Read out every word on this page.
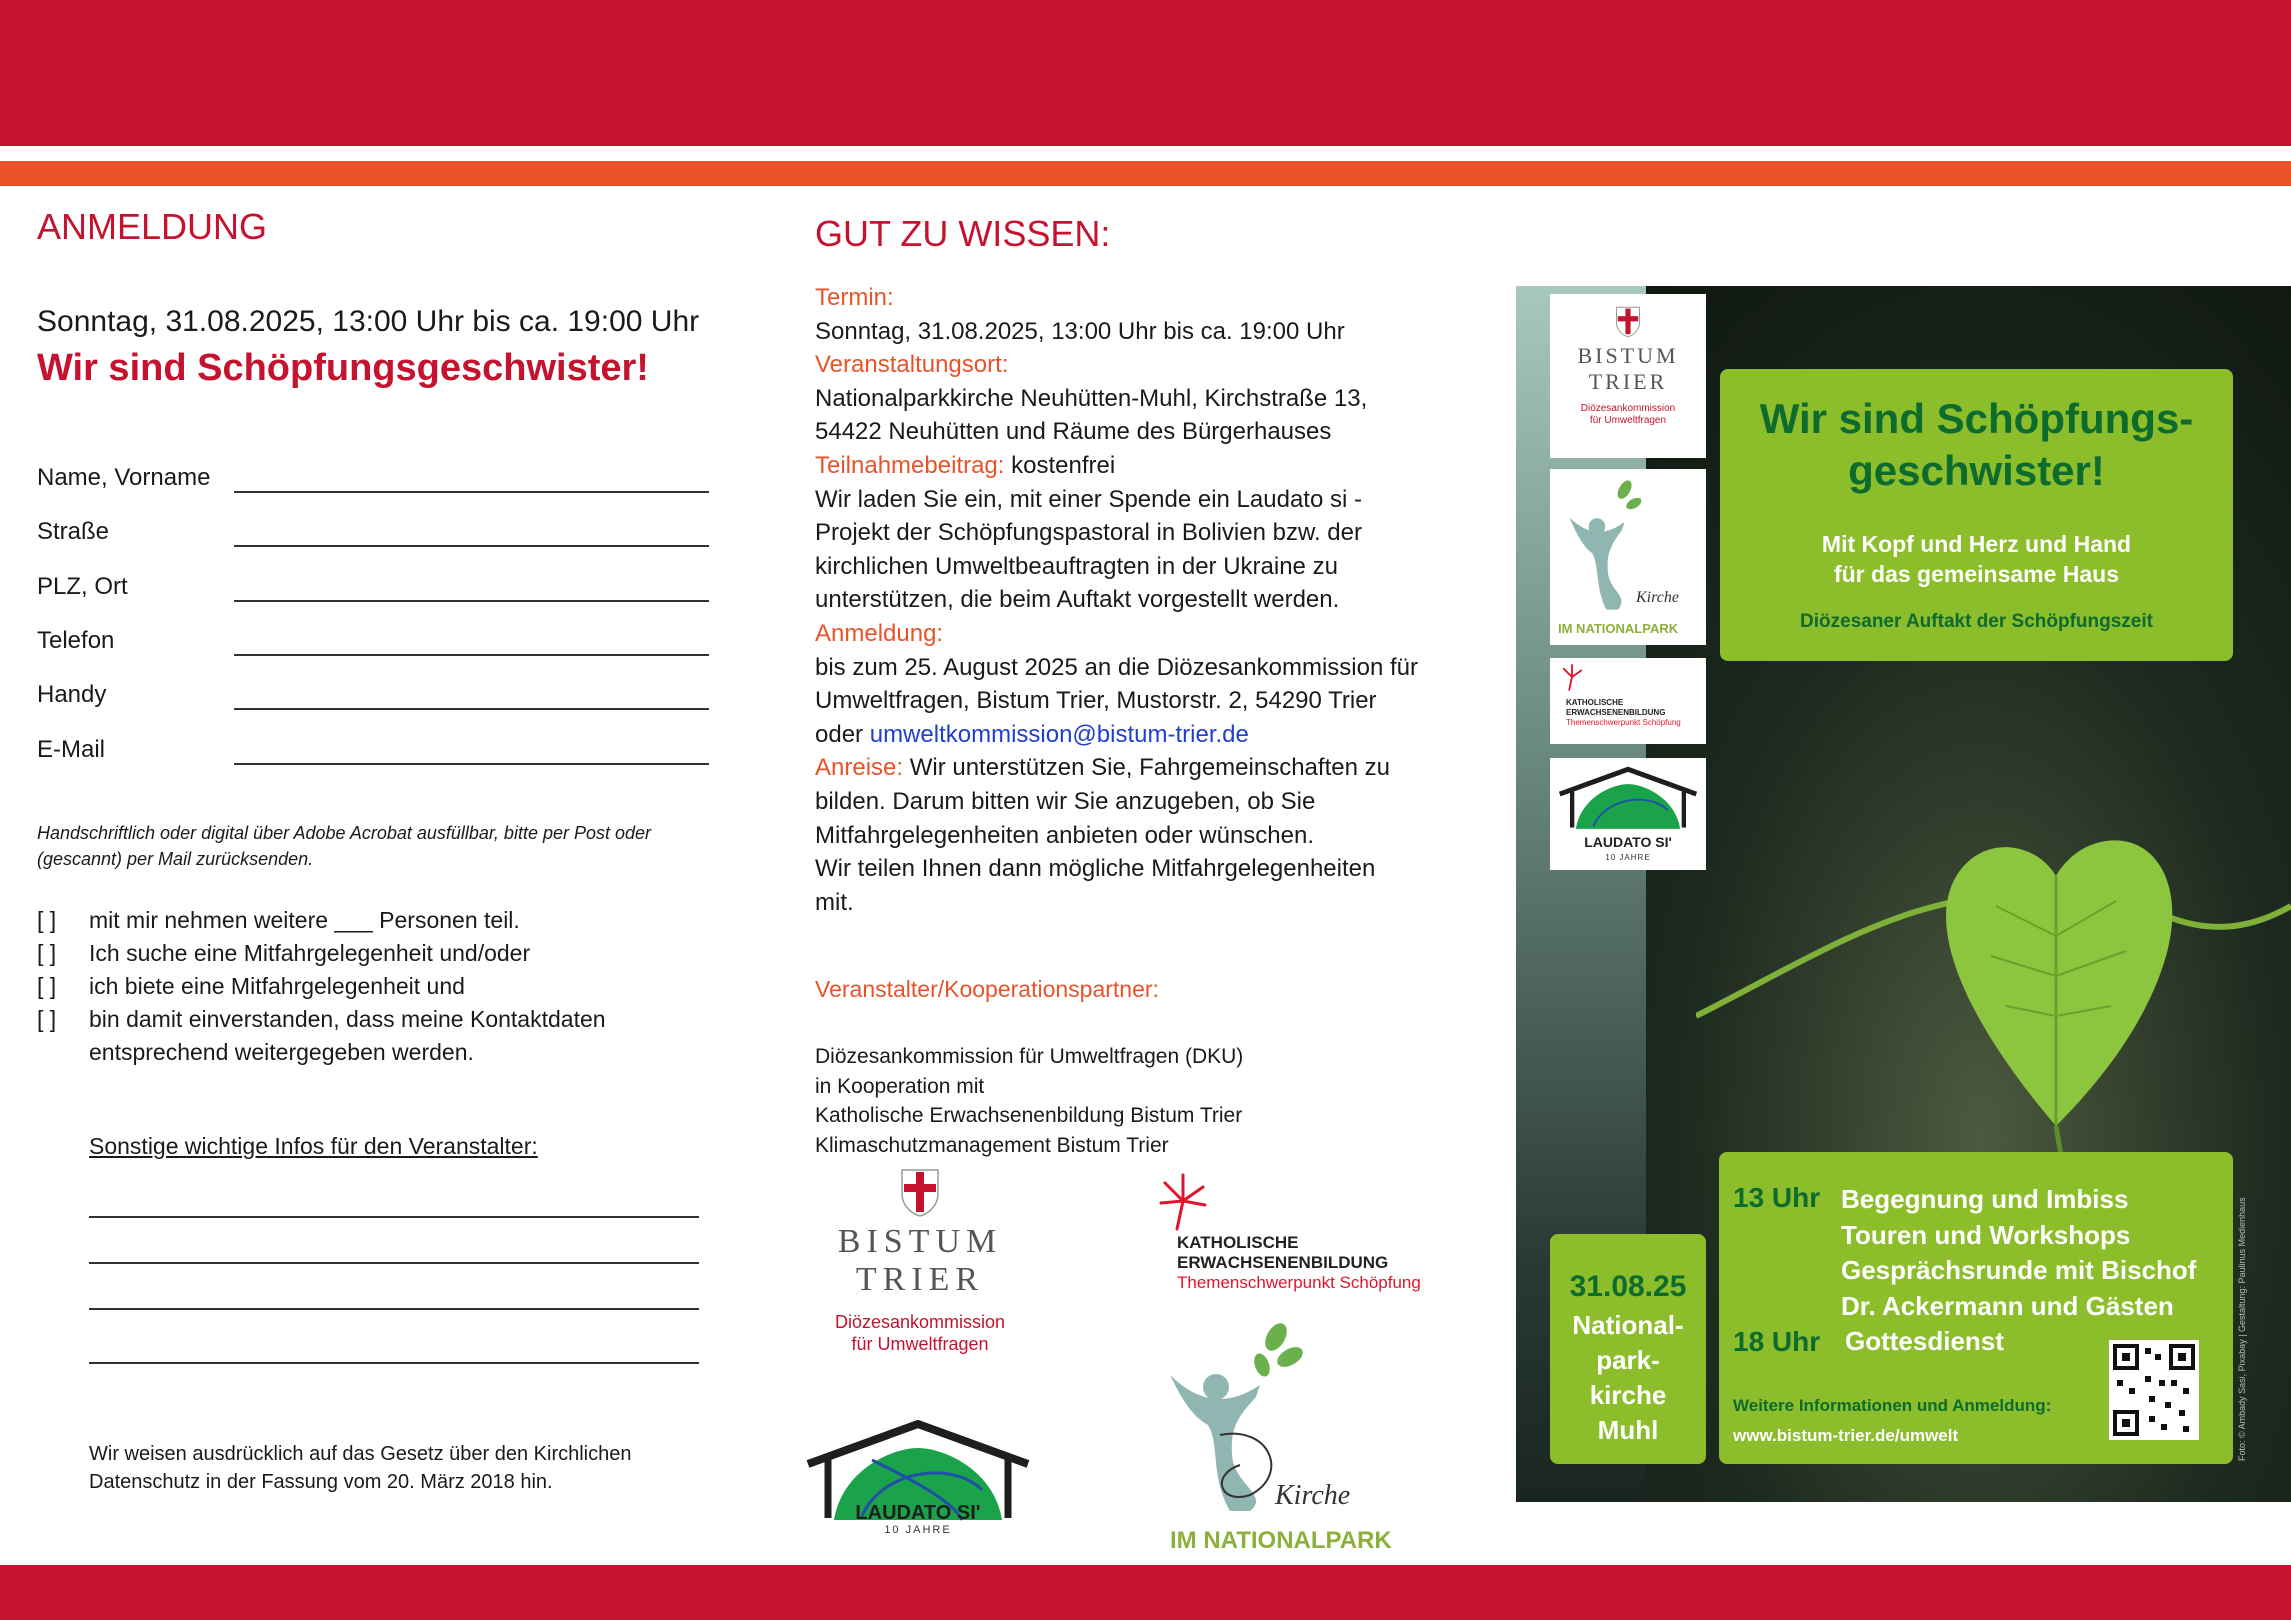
ANMELDUNG
Sonntag, 31.08.2025, 13:00 Uhr bis ca. 19:00 Uhr
Wir sind Schöpfungsgeschwister!
Name, Vorname
Straße
PLZ, Ort
Telefon
Handy
E-Mail
Handschriftlich oder digital über Adobe Acrobat ausfüllbar, bitte per Post oder (gescannt) per Mail zurücksenden.
[ ] mit mir nehmen weitere ___ Personen teil.
[ ] Ich suche eine Mitfahrgelegenheit und/oder
[ ] ich biete eine Mitfahrgelegenheit und
[ ] bin damit einverstanden, dass meine Kontaktdaten
entsprechend weitergegeben werden.
Sonstige wichtige Infos für den Veranstalter:
Wir weisen ausdrücklich auf das Gesetz über den Kirchlichen
Datenschutz in der Fassung vom 20. März 2018 hin.
GUT ZU WISSEN:
Termin:
Sonntag, 31.08.2025, 13:00 Uhr bis ca. 19:00 Uhr
Veranstaltungsort:
Nationalparkkirche Neuhütten-Muhl, Kirchstraße 13,
54422 Neuhütten und Räume des Bürgerhauses
Teilnahmebeitrag: kostenfrei
Wir laden Sie ein, mit einer Spende ein Laudato si -
Projekt der Schöpfungspastoral in Bolivien bzw. der
kirchlichen Umweltbeauftragten in der Ukraine zu
unterstützen, die beim Auftakt vorgestellt werden.
Anmeldung:
bis zum 25. August 2025 an die Diözesankommission für
Umweltfragen, Bistum Trier, Mustorstr. 2, 54290 Trier
oder umweltkommission@bistum-trier.de
Anreise: Wir unterstützen Sie, Fahrgemeinschaften zu
bilden. Darum bitten wir Sie anzugeben, ob Sie
Mitfahrgelegenheiten anbieten oder wünschen.
Wir teilen Ihnen dann mögliche Mitfahrgelegenheiten
mit.
Veranstalter/Kooperationspartner:
Diözesankommission für Umweltfragen (DKU)
in Kooperation mit
Katholische Erwachsenenbildung Bistum Trier
Klimaschutzmanagement Bistum Trier
BISTUM
TRIER
Diözesankommission
für Umweltfragen
KATHOLISCHE
ERWACHSENENBILDUNG
Themenschwerpunkt Schöpfung
LAUDATO SI'
10 JAHRE
Kirche
IM NATIONALPARK
BISTUM
TRIER
Diözesankommission
für Umweltfragen
Kirche
IM NATIONALPARK
KATHOLISCHE
ERWACHSENENBILDUNG
Themenschwerpunkt Schöpfung
LAUDATO SI'
10 JAHRE
Wir sind Schöpfungs-
geschwister!
Mit Kopf und Herz und Hand
für das gemeinsame Haus
Diözesaner Auftakt der Schöpfungszeit
31.08.25
National-
park-
kirche
Muhl
13 Uhr Begegnung und Imbiss
Touren und Workshops
Gesprächsrunde mit Bischof
Dr. Ackermann und Gästen
18 Uhr Gottesdienst
Weitere Informationen und Anmeldung:
www.bistum-trier.de/umwelt	Foto: © Ambady Sasi, Pixabay | Gestaltung: Paulinus Medienhaus
